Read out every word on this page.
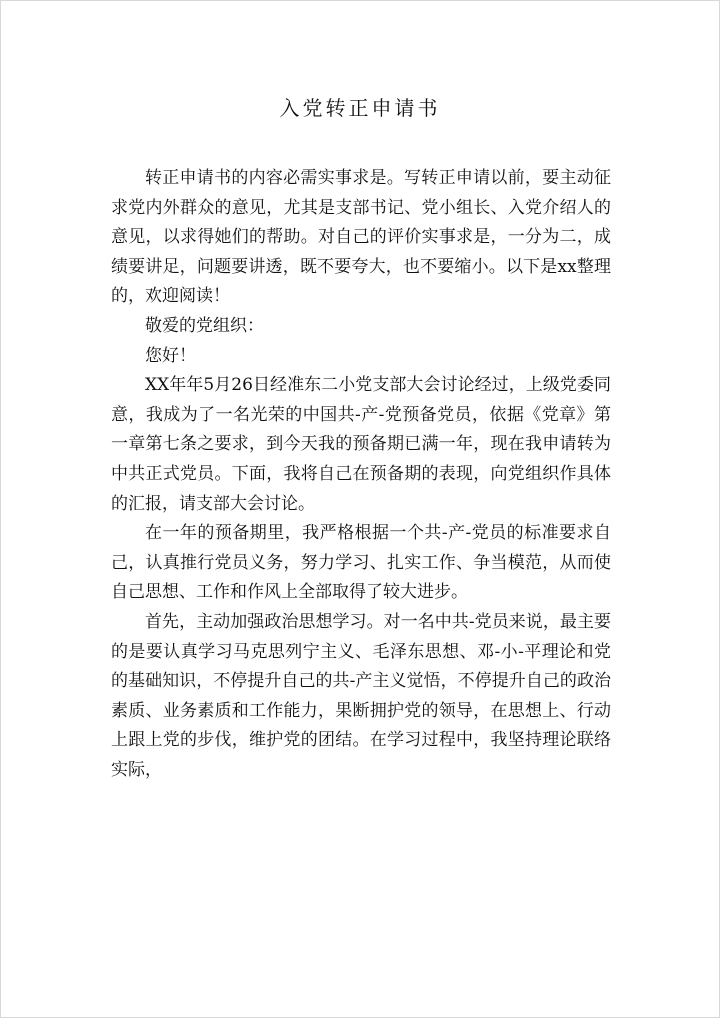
入党转正申请书

转正申请书的内容必需实事求是。写转正申请以前，要主动征求党内外群众的意见，尤其是支部书记、党小组长、入党介绍人的意见，以求得她们的帮助。对自己的评价实事求是，一分为二，成绩要讲足，问题要讲透，既不要夸大，也不要缩小。以下是xx整理的，欢迎阅读！

敬爱的党组织：

您好！

XX年年5月26日经准东二小党支部大会讨论经过，上级党委同意，我成为了一名光荣的中国共-产-党预备党员，依据《党章》第一章第七条之要求，到今天我的预备期已满一年，现在我申请转为中共正式党员。下面，我将自己在预备期的表现，向党组织作具体的汇报，请支部大会讨论。

在一年的预备期里，我严格根据一个共-产-党员的标准要求自己，认真推行党员义务，努力学习、扎实工作、争当模范，从而使自己思想、工作和作风上全部取得了较大进步。

首先，主动加强政治思想学习。对一名中共-党员来说，最主要的是要认真学习马克思列宁主义、毛泽东思想、邓-小-平理论和党的基础知识，不停提升自己的共-产主义觉悟，不停提升自己的政治素质、业务素质和工作能力，果断拥护党的领导，在思想上、行动上跟上党的步伐，维护党的团结。在学习过程中，我坚持理论联络实际，
